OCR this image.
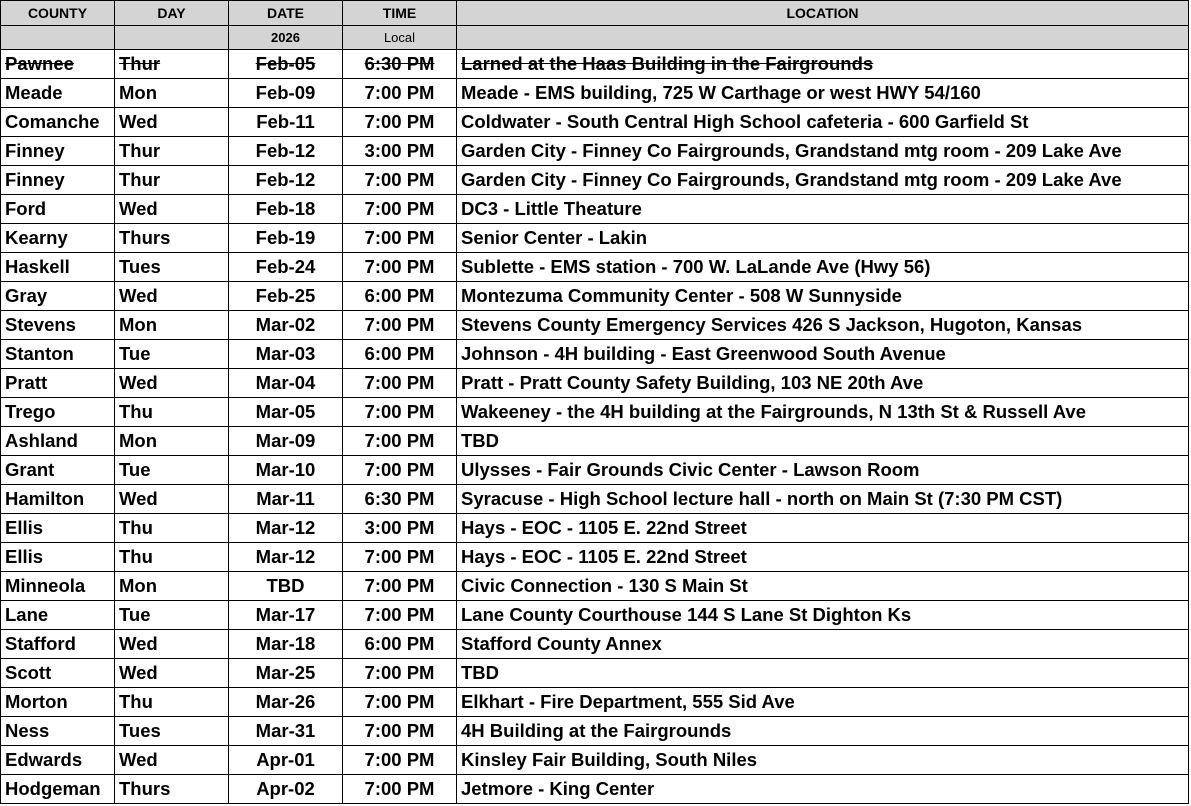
COUNTY	DAY	DATE	TIME	LOCATION
		2026	Local	
Pawnee	Thur	Feb-05	6:30 PM	Larned at the Haas Building in the Fairgrounds
Meade	Mon	Feb-09	7:00 PM	Meade - EMS building, 725 W Carthage or west HWY 54/160
Comanche	Wed	Feb-11	7:00 PM	Coldwater - South Central High School cafeteria - 600 Garfield St
Finney	Thur	Feb-12	3:00 PM	Garden City - Finney Co Fairgrounds, Grandstand mtg room - 209 Lake Ave
Finney	Thur	Feb-12	7:00 PM	Garden City - Finney Co Fairgrounds, Grandstand mtg room - 209 Lake Ave
Ford	Wed	Feb-18	7:00 PM	DC3 - Little Theature
Kearny	Thurs	Feb-19	7:00 PM	Senior Center - Lakin
Haskell	Tues	Feb-24	7:00 PM	Sublette - EMS station - 700 W. LaLande Ave (Hwy 56)
Gray	Wed	Feb-25	6:00 PM	Montezuma Community Center - 508 W Sunnyside
Stevens	Mon	Mar-02	7:00 PM	Stevens County Emergency Services 426 S Jackson, Hugoton, Kansas
Stanton	Tue	Mar-03	6:00 PM	Johnson - 4H building - East Greenwood South Avenue
Pratt	Wed	Mar-04	7:00 PM	Pratt - Pratt County Safety Building, 103 NE 20th Ave
Trego	Thu	Mar-05	7:00 PM	Wakeeney - the 4H building at the Fairgrounds, N 13th St & Russell Ave
Ashland	Mon	Mar-09	7:00 PM	TBD
Grant	Tue	Mar-10	7:00 PM	Ulysses - Fair Grounds Civic Center - Lawson Room
Hamilton	Wed	Mar-11	6:30 PM	Syracuse - High School lecture hall - north on Main St (7:30 PM CST)
Ellis	Thu	Mar-12	3:00 PM	Hays - EOC - 1105 E. 22nd Street
Ellis	Thu	Mar-12	7:00 PM	Hays - EOC - 1105 E. 22nd Street
Minneola	Mon	TBD	7:00 PM	Civic Connection - 130 S Main St
Lane	Tue	Mar-17	7:00 PM	Lane County Courthouse 144 S Lane St Dighton Ks
Stafford	Wed	Mar-18	6:00 PM	Stafford County Annex
Scott	Wed	Mar-25	7:00 PM	TBD
Morton	Thu	Mar-26	7:00 PM	Elkhart - Fire Department, 555 Sid Ave
Ness	Tues	Mar-31	7:00 PM	4H Building at the Fairgrounds
Edwards	Wed	Apr-01	7:00 PM	Kinsley Fair Building, South Niles
Hodgeman	Thurs	Apr-02	7:00 PM	Jetmore - King Center
